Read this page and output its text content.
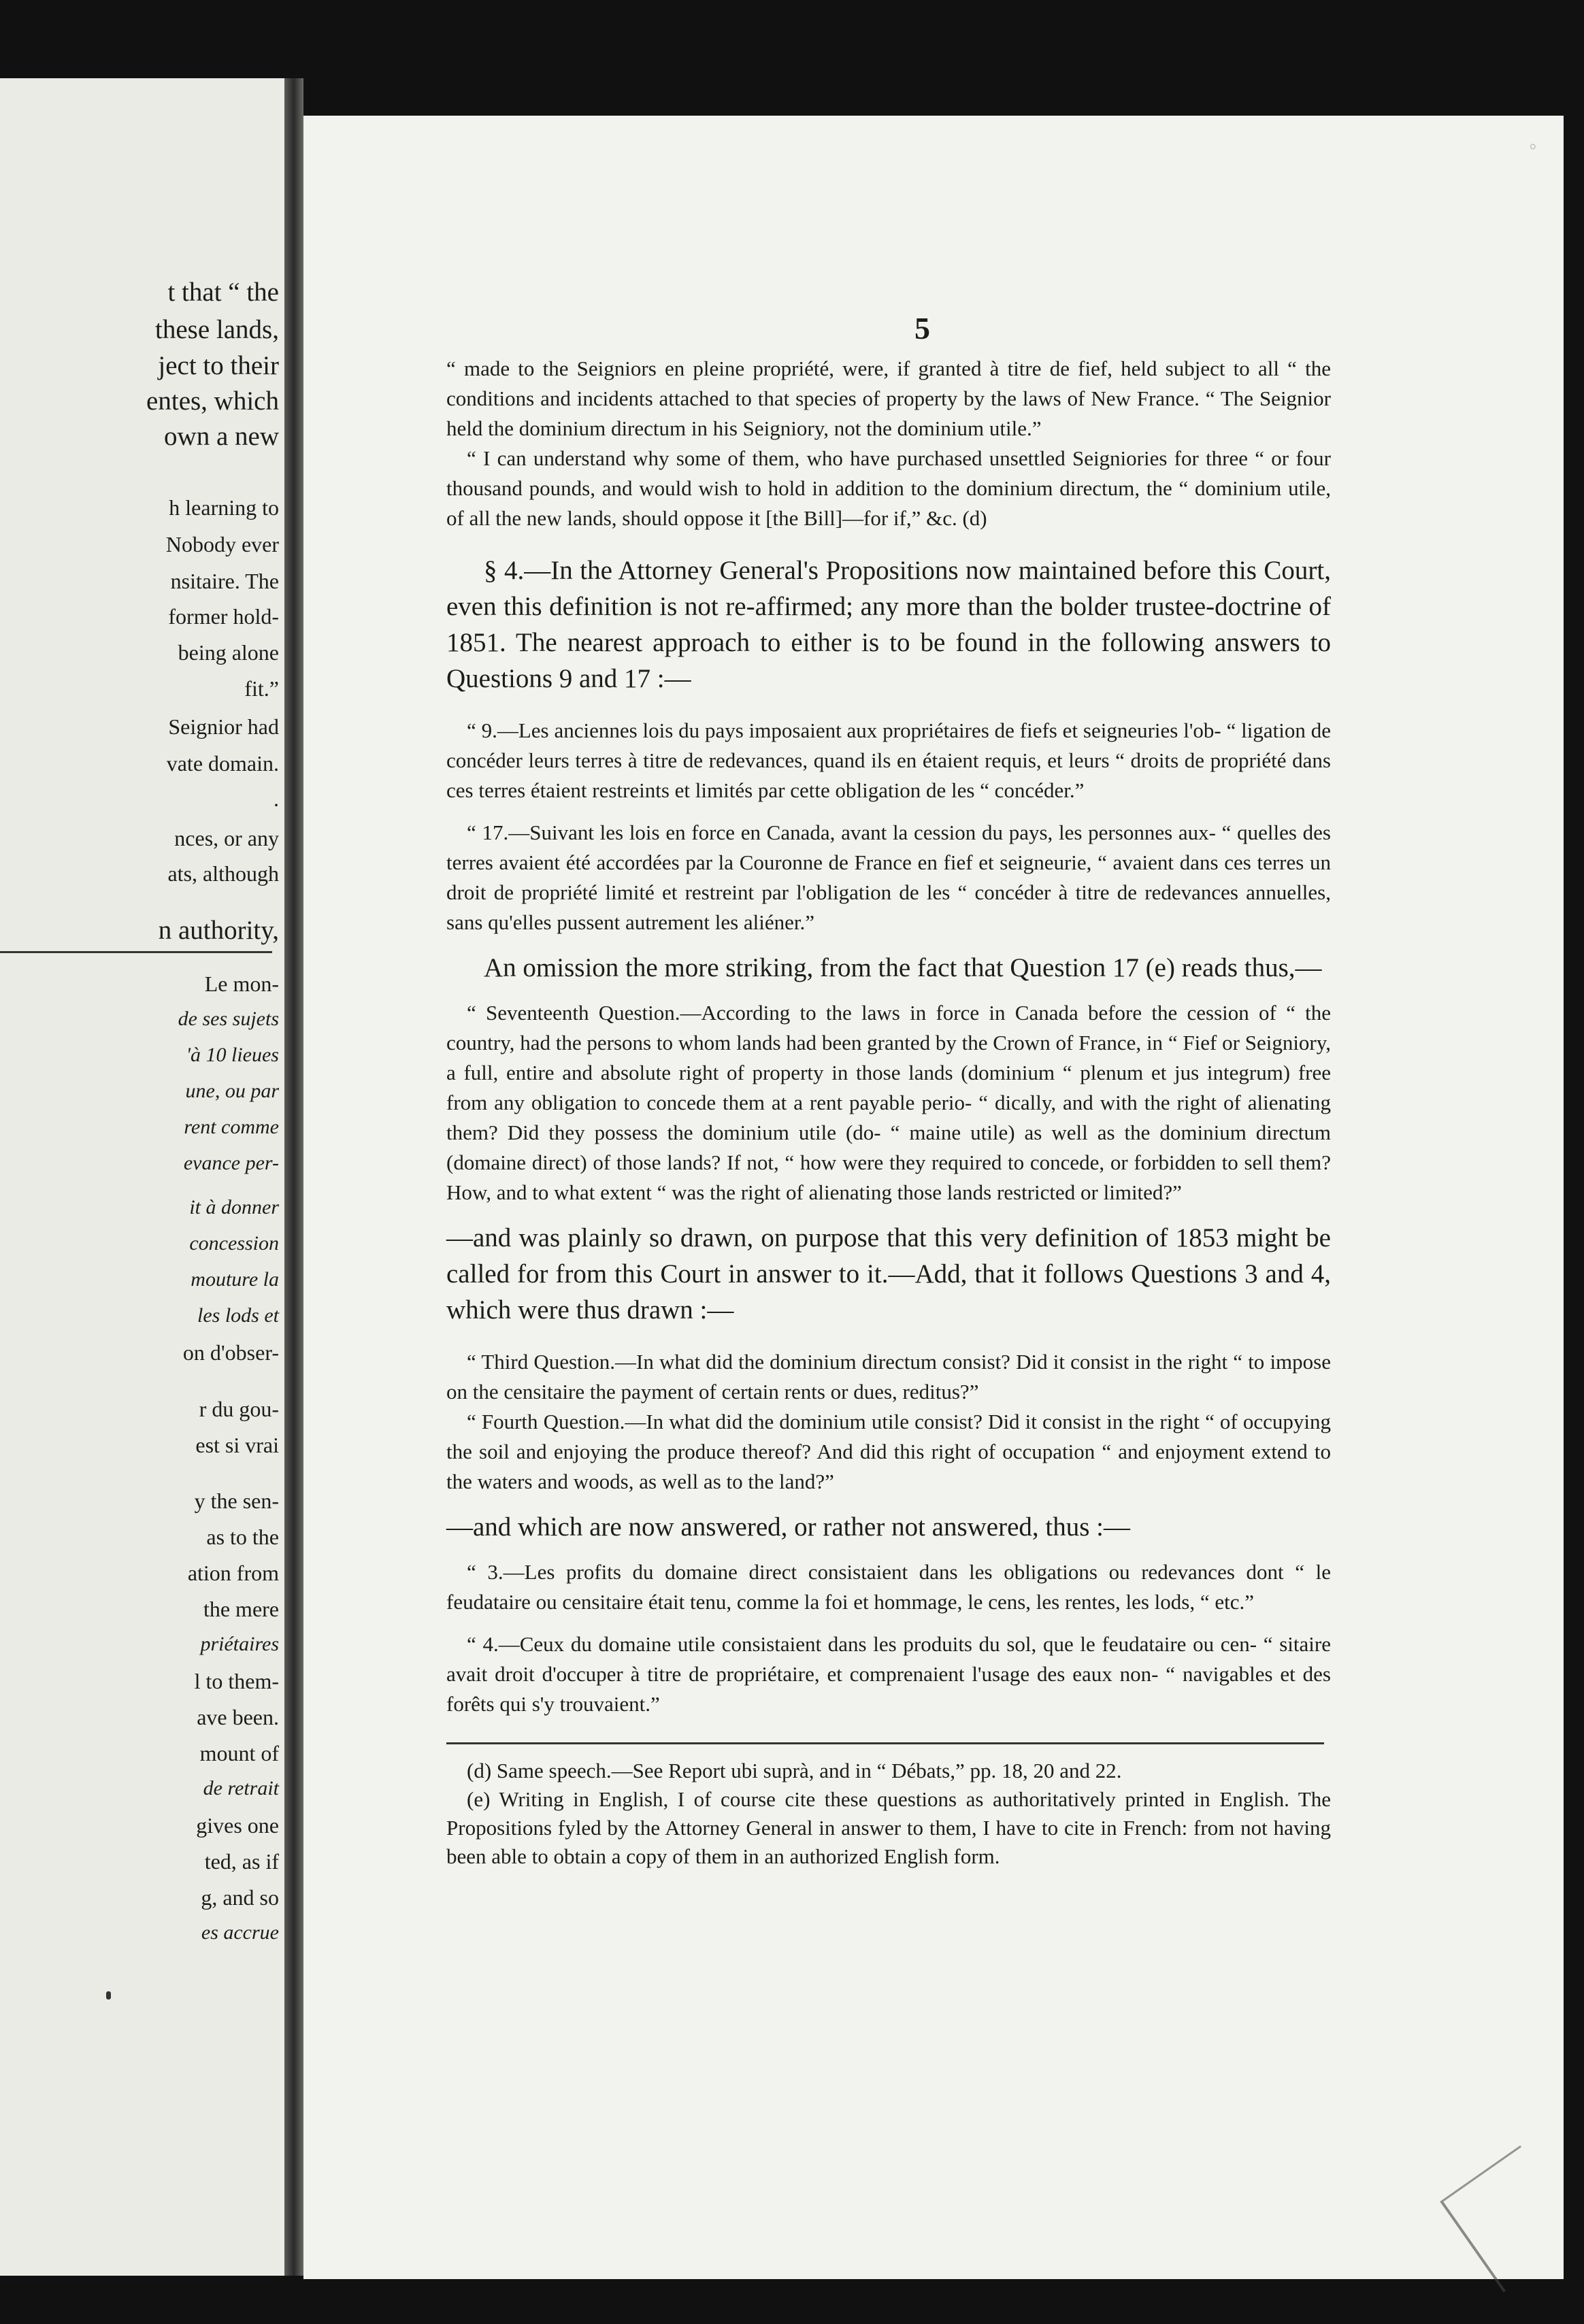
t that “ the
these lands,
ject to their
entes, which
own a new
h learning to
Nobody ever
nsitaire. The
former hold-
being alone
fit.”
Seignior had
vate domain.
.
nces, or any
ats, although
n authority,
Le mon-
de ses sujets
'à 10 lieues
une, ou par
rent comme
evance per-
it à donner
concession
mouture la
les lods et
on d'obser-
r du gou-
est si vrai
y the sen-
as to the
ation from
the mere
priétaires
l to them-
ave been.
mount of
de retrait
gives one
ted, as if
g, and so
es accrue
°
5

“ made to the Seigniors en pleine propriété, were, if granted à titre de fief, held subject to all “ the conditions and incidents attached to that species of property by the laws of New France. “ The Seignior held the dominium directum in his Seigniory, not the dominium utile.”

“ I can understand why some of them, who have purchased unsettled Seigniories for three “ or four thousand pounds, and would wish to hold in addition to the dominium directum, the “ dominium utile, of all the new lands, should oppose it [the Bill]—for if,” &c. (d)

§ 4.—In the Attorney General's Propositions now maintained before this Court, even this definition is not re-affirmed; any more than the bolder trustee-doctrine of 1851. The nearest approach to either is to be found in the following answers to Questions 9 and 17 :—

“ 9.—Les anciennes lois du pays imposaient aux propriétaires de fiefs et seigneuries l'ob- “ ligation de concéder leurs terres à titre de redevances, quand ils en étaient requis, et leurs “ droits de propriété dans ces terres étaient restreints et limités par cette obligation de les “ concéder.”

“ 17.—Suivant les lois en force en Canada, avant la cession du pays, les personnes aux- “ quelles des terres avaient été accordées par la Couronne de France en fief et seigneurie, “ avaient dans ces terres un droit de propriété limité et restreint par l'obligation de les “ concéder à titre de redevances annuelles, sans qu'elles pussent autrement les aliéner.”

An omission the more striking, from the fact that Question 17 (e) reads thus,—

“ Seventeenth Question.—According to the laws in force in Canada before the cession of “ the country, had the persons to whom lands had been granted by the Crown of France, in “ Fief or Seigniory, a full, entire and absolute right of property in those lands (dominium “ plenum et jus integrum) free from any obligation to concede them at a rent payable perio- “ dically, and with the right of alienating them? Did they possess the dominium utile (do- “ maine utile) as well as the dominium directum (domaine direct) of those lands? If not, “ how were they required to concede, or forbidden to sell them? How, and to what extent “ was the right of alienating those lands restricted or limited?”

—and was plainly so drawn, on purpose that this very definition of 1853 might be called for from this Court in answer to it.—Add, that it follows Questions 3 and 4, which were thus drawn :—

“ Third Question.—In what did the dominium directum consist? Did it consist in the right “ to impose on the censitaire the payment of certain rents or dues, reditus?”

“ Fourth Question.—In what did the dominium utile consist? Did it consist in the right “ of occupying the soil and enjoying the produce thereof? And did this right of occupation “ and enjoyment extend to the waters and woods, as well as to the land?”

—and which are now answered, or rather not answered, thus :—

“ 3.—Les profits du domaine direct consistaient dans les obligations ou redevances dont “ le feudataire ou censitaire était tenu, comme la foi et hommage, le cens, les rentes, les lods, “ etc.”

“ 4.—Ceux du domaine utile consistaient dans les produits du sol, que le feudataire ou cen- “ sitaire avait droit d'occuper à titre de propriétaire, et comprenaient l'usage des eaux non- “ navigables et des forêts qui s'y trouvaient.”

(d) Same speech.—See Report ubi suprà, and in “ Débats,” pp. 18, 20 and 22.

(e) Writing in English, I of course cite these questions as authoritatively printed in English. The Propositions fyled by the Attorney General in answer to them, I have to cite in French: from not having been able to obtain a copy of them in an authorized English form.
